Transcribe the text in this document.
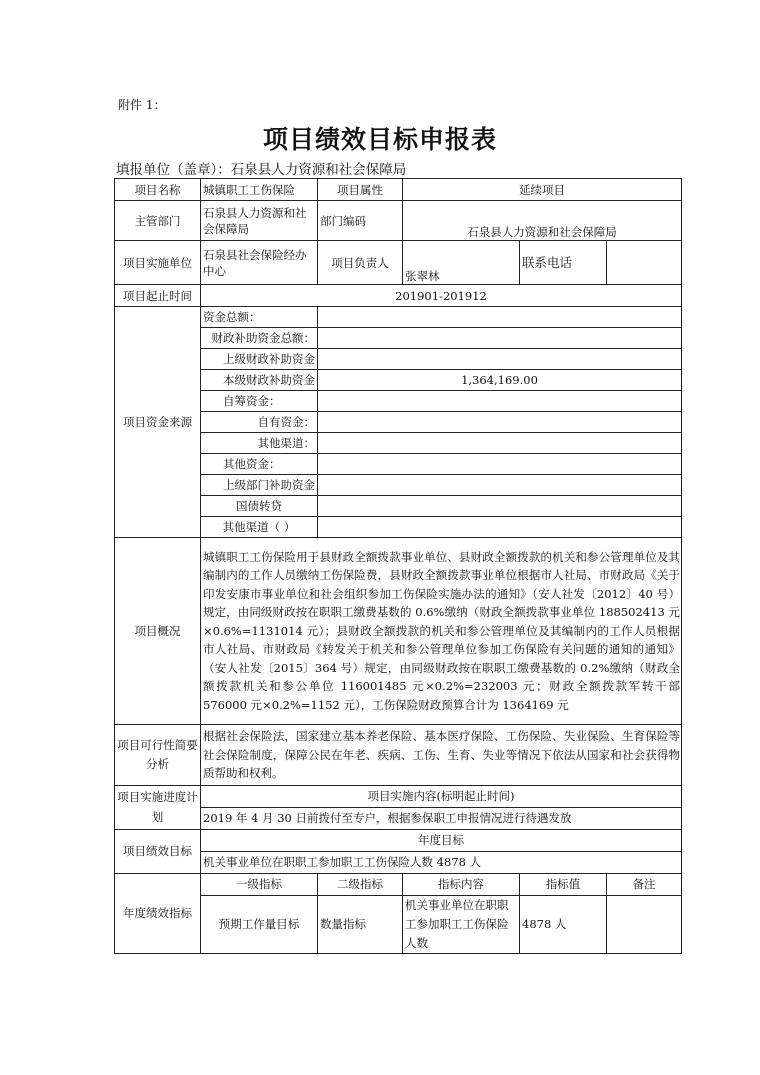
附件 1：
项目绩效目标申报表
填报单位（盖章）：石泉县人力资源和社会保障局
项目名称	城镇职工工伤保险	项目属性	延续项目		
主管部门	石泉县人力资源和社会保障局	部门编码	石泉县人力资源和社会保障局		
项目实施单位	石泉县社会保险经办中心	项目负责人	张翠林	联系电话	
项目起止时间	201901-201912				
项目资金来源	资金总额：				
	财政补助资金总额：				
	上级财政补助资金				
	本级财政补助资金	1,364,169.00			
	自筹资金：				
	自有资金：				
	其他渠道：				
	其他资金：				
	上级部门补助资金				
	国债转贷				
	其他渠道（ ）				
项目概况	城镇职工工伤保险用于县财政全额拨款事业单位、县财政全额拨款的机关和参公管理单位及其编制内的工作人员缴纳工伤保险费，县财政全额拨款事业单位根据市人社局、市财政局《关于印发安康市事业单位和社会组织参加工伤保险实施办法的通知》（安人社发〔2012〕40 号）规定，由同级财政按在职职工缴费基数的 0.6%缴纳（财政全额拨款事业单位 188502413 元×0.6%=1131014 元）；县财政全额拨款的机关和参公管理单位及其编制内的工作人员根据市人社局、市财政局《转发关于机关和参公管理单位参加工伤保险有关问题的通知的通知》（安人社发〔2015〕364 号）规定，由同级财政按在职职工缴费基数的 0.2%缴纳（财政全额拨款机关和参公单位 116001485 元×0.2%=232003 元；财政全额拨款军转干部 576000 元×0.2%=1152 元），工伤保险财政预算合计为 1364169 元				
项目可行性简要分析	根据社会保险法，国家建立基本养老保险、基本医疗保险、工伤保险、失业保险、生育保险等社会保险制度，保障公民在年老、疾病、工伤、生育、失业等情况下依法从国家和社会获得物质帮助和权利。				
项目实施进度计划	项目实施内容(标明起止时间)				
	2019 年 4 月 30 日前拨付至专户，根据参保职工申报情况进行待遇发放				
项目绩效目标	年度目标				
	机关事业单位在职职工参加职工工伤保险人数 4878 人				
年度绩效指标	一级指标	二级指标	指标内容	指标值	备注
	预期工作量目标	数量指标	机关事业单位在职职工参加职工工伤保险人数	4878 人	
